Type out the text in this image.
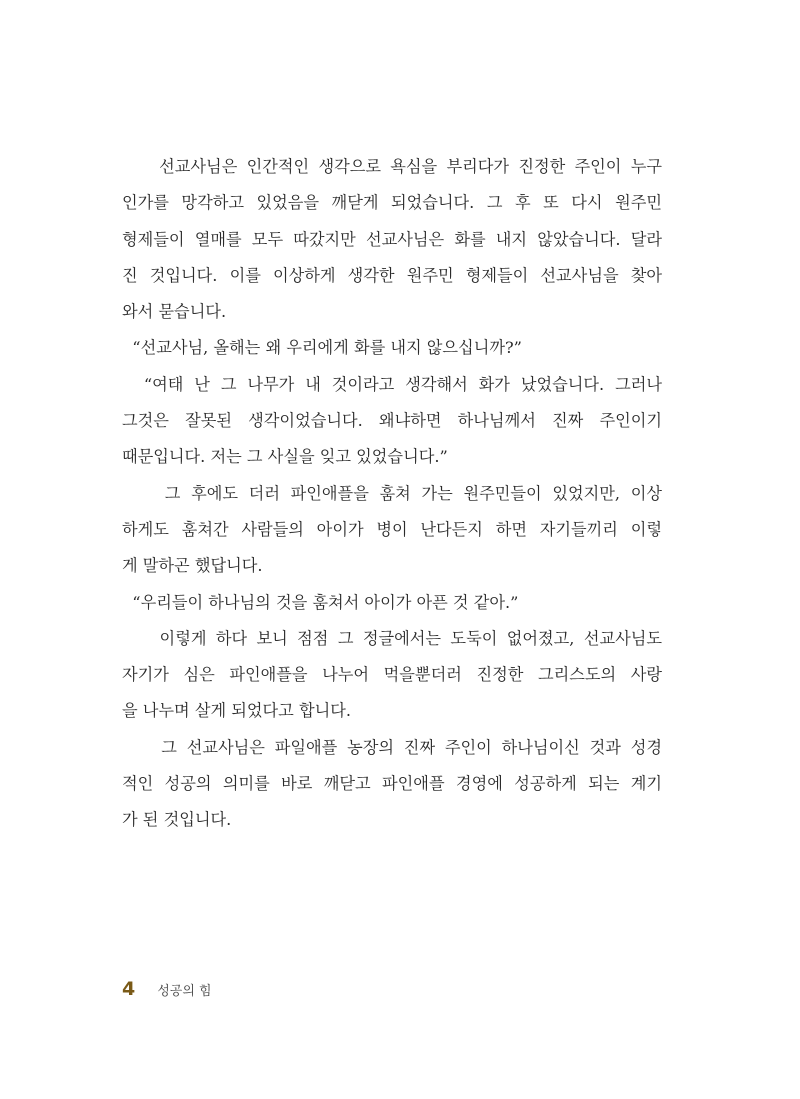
선교사님은 인간적인 생각으로 욕심을 부리다가 진정한 주인이 누구
인가를 망각하고 있었음을 깨닫게 되었습니다. 그 후 또 다시 원주민
형제들이 열매를 모두 따갔지만 선교사님은 화를 내지 않았습니다. 달라
진 것입니다. 이를 이상하게 생각한 원주민 형제들이 선교사님을 찾아
와서 묻습니다.
“선교사님, 올해는 왜 우리에게 화를 내지 않으십니까?”
“여태 난 그 나무가 내 것이라고 생각해서 화가 났었습니다. 그러나
그것은 잘못된 생각이었습니다. 왜냐하면 하나님께서 진짜 주인이기
때문입니다. 저는 그 사실을 잊고 있었습니다.”
그 후에도 더러 파인애플을 훔쳐 가는 원주민들이 있었지만, 이상
하게도 훔쳐간 사람들의 아이가 병이 난다든지 하면 자기들끼리 이렇
게 말하곤 했답니다.
“우리들이 하나님의 것을 훔쳐서 아이가 아픈 것 같아.”
이렇게 하다 보니 점점 그 정글에서는 도둑이 없어졌고, 선교사님도
자기가 심은 파인애플을 나누어 먹을뿐더러 진정한 그리스도의 사랑
을 나누며 살게 되었다고 합니다.
그 선교사님은 파일애플 농장의 진짜 주인이 하나님이신 것과 성경
적인 성공의 의미를 바로 깨닫고 파인애플 경영에 성공하게 되는 계기
가 된 것입니다.
4 성공의 힘
